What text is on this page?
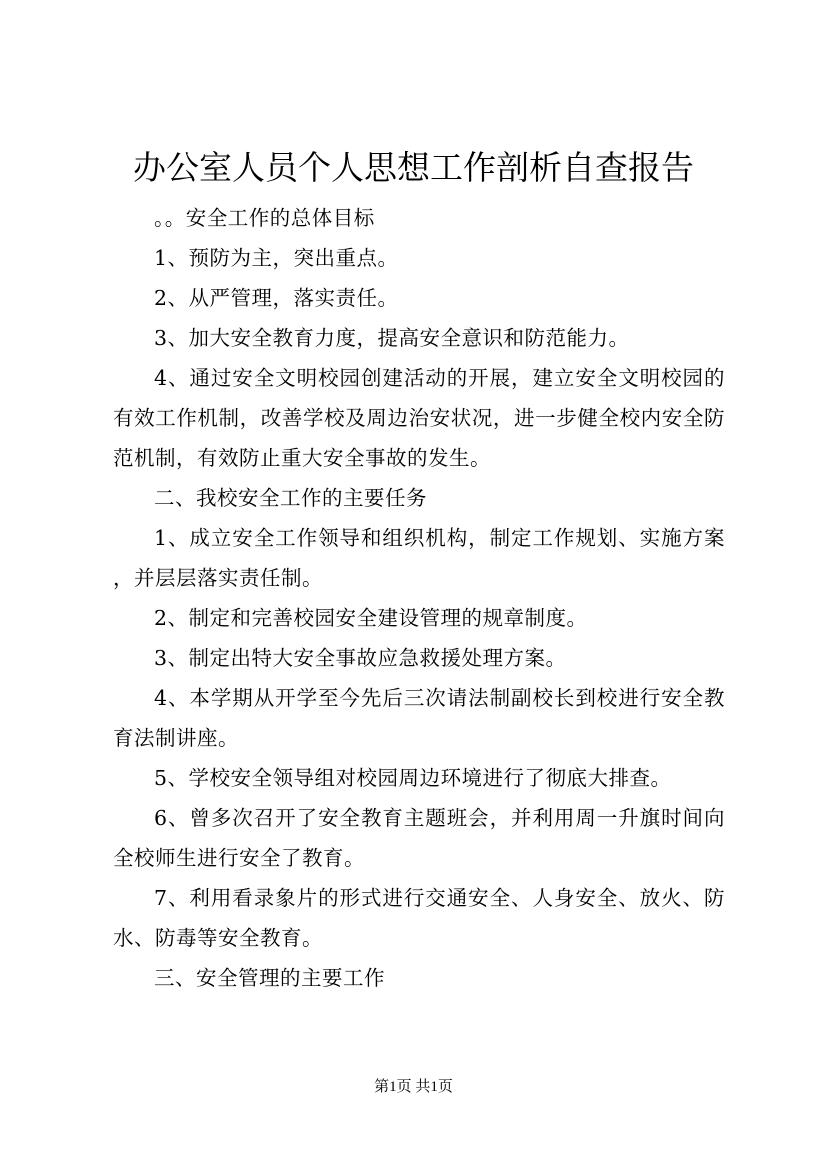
办公室人员个人思想工作剖析自查报告

。。安全工作的总体目标

1、预防为主，突出重点。

2、从严管理，落实责任。

3、加大安全教育力度，提高安全意识和防范能力。

4、通过安全文明校园创建活动的开展，建立安全文明校园的有效工作机制，改善学校及周边治安状况，进一步健全校内安全防范机制，有效防止重大安全事故的发生。

二、我校安全工作的主要任务

1、成立安全工作领导和组织机构，制定工作规划、实施方案，并层层落实责任制。

2、制定和完善校园安全建设管理的规章制度。

3、制定出特大安全事故应急救援处理方案。

4、本学期从开学至今先后三次请法制副校长到校进行安全教育法制讲座。

5、学校安全领导组对校园周边环境进行了彻底大排查。

6、曾多次召开了安全教育主题班会，并利用周一升旗时间向全校师生进行安全了教育。

7、利用看录象片的形式进行交通安全、人身安全、放火、防水、防毒等安全教育。

三、安全管理的主要工作

第1页 共1页
